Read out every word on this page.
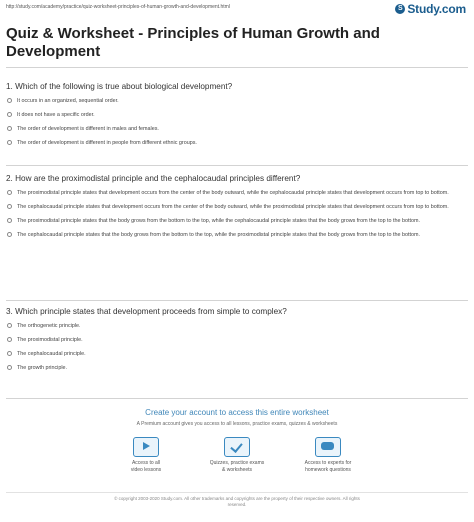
http://study.com/academy/practice/quiz-worksheet-principles-of-human-growth-and-development.html	S Study.com
Quiz & Worksheet - Principles of Human Growth and Development

1. Which of the following is true about biological development?

It occurs in an organized, sequential order.
It does not have a specific order.
The order of development is different in males and females.
The order of development is different in people from different ethnic groups.

2. How are the proximodistal principle and the cephalocaudal principles different?

The proximodistal principle states that development occurs from the center of the body outward, while the cephalocaudal principle states that development occurs from top to bottom.
The cephalocaudal principle states that development occurs from the center of the body outward, while the proximodistal principle states that development occurs from top to bottom.
The proximodistal principle states that the body grows from the bottom to the top, while the cephalocaudal principle states that the body grows from the top to the bottom.
The cephalocaudal principle states that the body grows from the bottom to the top, while the proximodistal principle states that the body grows from the top to the bottom.

3. Which principle states that development proceeds from simple to complex?

The orthogenetic principle.
The proximodistal principle.
The cephalocaudal principle.
The growth principle.
Create your account to access this entire worksheet
A Premium account gives you access to all lessons, practice exams, quizzes & worksheets
Access to all
video lessons
Quizzes, practice exams
& worksheets
Access to experts for
homework questions
© copyright 2003-2020 Study.com. All other trademarks and copyrights are the property of their respective owners. All rights
reserved.
